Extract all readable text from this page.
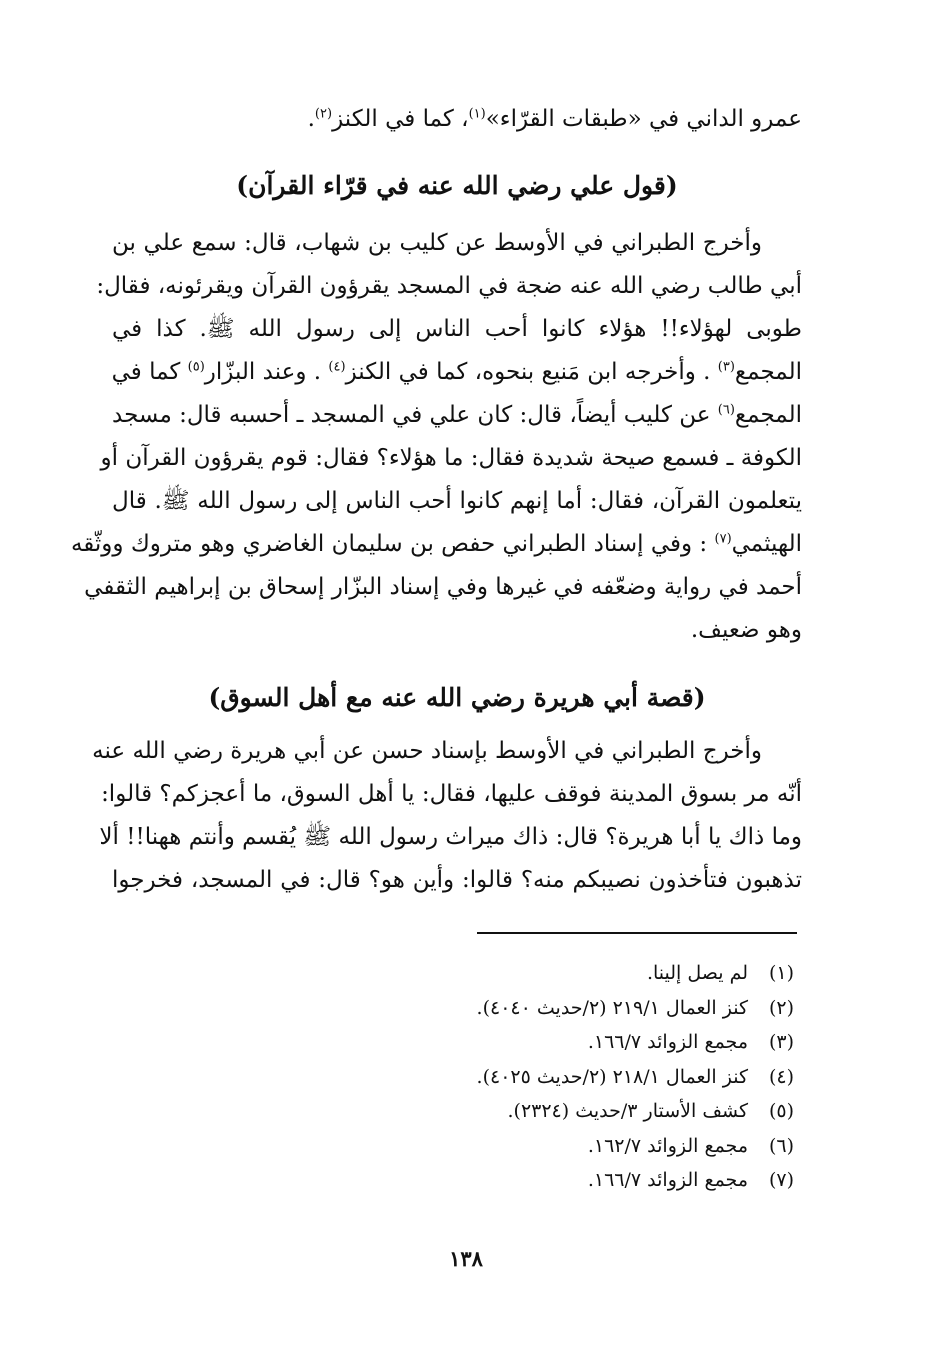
عمرو الداني في «طبقات القرّاء»$^{(١)}$، كما في الكنز$^{(٢)}$.
(قول علي رضي الله عنه في قرّاء القرآن)
وأخرج الطبراني في الأوسط عن كليب بن شهاب، قال: سمع علي بن
أبي طالب رضي الله عنه ضجة في المسجد يقرؤون القرآن ويقرئونه، فقال:
طوبى لهؤلاء!! هؤلاء كانوا أحب الناس إلى رسول الله ﷺ. كذا في
المجمع$^{(٣)}$ . وأخرجه ابن مَنيع بنحوه، كما في الكنز$^{(٤)}$ . وعند البزّار$^{(٥)}$ كما في
المجمع$^{(٦)}$ عن كليب أيضاً، قال: كان علي في المسجد ـ أحسبه قال: مسجد
الكوفة ـ فسمع صيحة شديدة فقال: ما هؤلاء؟ فقال: قوم يقرؤون القرآن أو
يتعلمون القرآن، فقال: أما إنهم كانوا أحب الناس إلى رسول الله ﷺ. قال
الهيثمي$^{(٧)}$ : وفي إسناد الطبراني حفص بن سليمان الغاضري وهو متروك ووثّقه
أحمد في رواية وضعّفه في غيرها وفي إسناد البزّار إسحاق بن إبراهيم الثقفي
وهو ضعيف.
(قصة أبي هريرة رضي الله عنه مع أهل السوق)
وأخرج الطبراني في الأوسط بإسناد حسن عن أبي هريرة رضي الله عنه
أنّه مر بسوق المدينة فوقف عليها، فقال: يا أهل السوق، ما أعجزكم؟ قالوا:
وما ذاك يا أبا هريرة؟ قال: ذاك ميراث رسول الله ﷺ يُقسم وأنتم ههنا!! ألا
تذهبون فتأخذون نصيبكم منه؟ قالوا: وأين هو؟ قال: في المسجد، فخرجوا
(١)لم يصل إلينا.
(٢)كنز العمال ٢١٩/١ (٢/حديث ٤٠٤٠).
(٣)مجمع الزوائد ١٦٦/٧.
(٤)كنز العمال ٢١٨/١ (٢/حديث ٤٠٢٥).
(٥)كشف الأستار ٣/حديث (٢٣٢٤).
(٦)مجمع الزوائد ١٦٢/٧.
(٧)مجمع الزوائد ١٦٦/٧.
١٣٨
